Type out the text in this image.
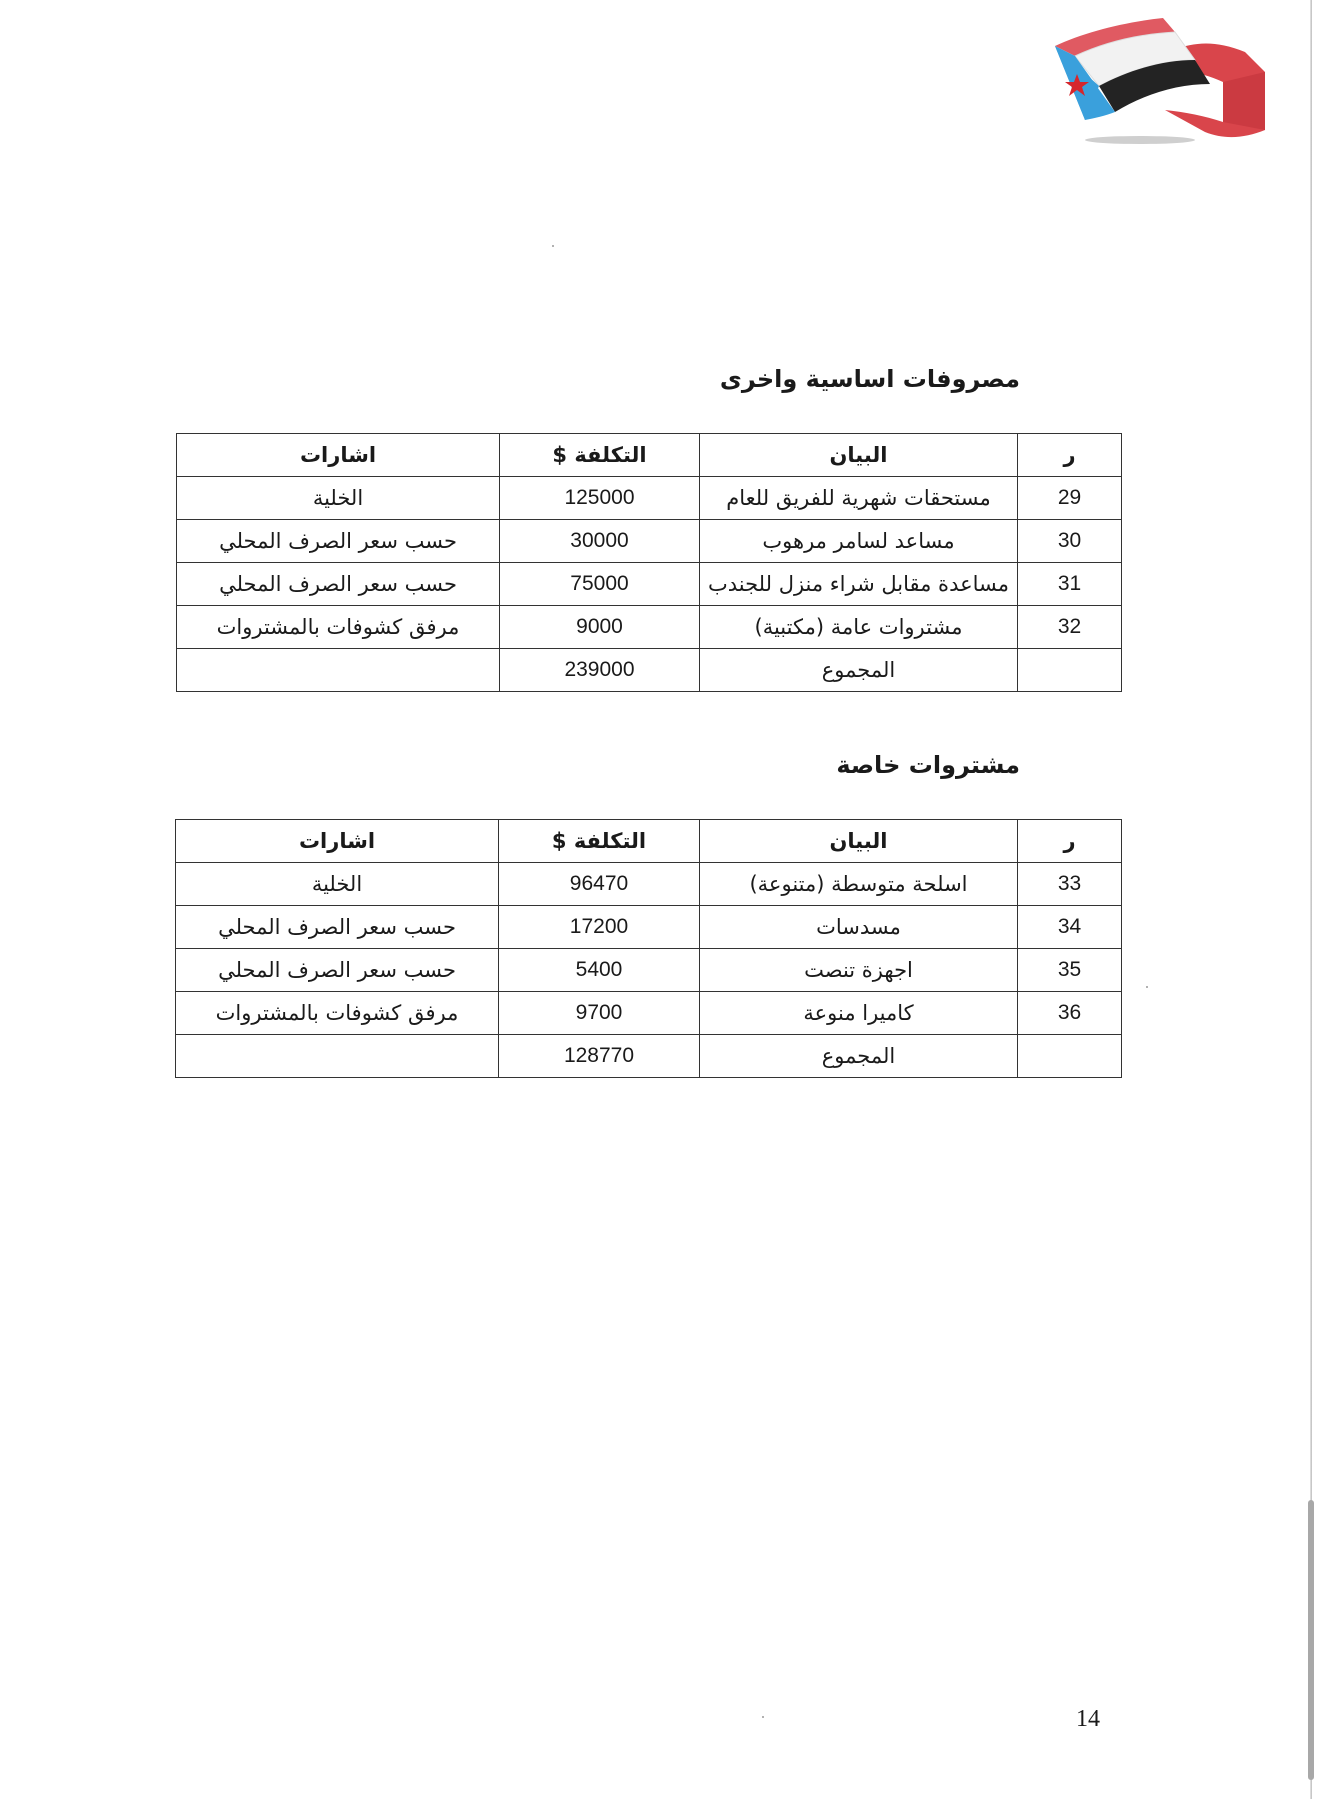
مصروفات اساسية واخرى
ر	البيان	التكلفة $	اشارات
29	مستحقات شهرية للفريق للعام	125000	الخلية
30	مساعد لسامر مرهوب	30000	حسب سعر الصرف المحلي
31	مساعدة مقابل شراء منزل للجندب	75000	حسب سعر الصرف المحلي
32	مشتروات عامة (مكتبية)	9000	مرفق كشوفات بالمشتروات
	المجموع	239000	
مشتروات خاصة
ر	البيان	التكلفة $	اشارات
33	اسلحة متوسطة (متنوعة)	96470	الخلية
34	مسدسات	17200	حسب سعر الصرف المحلي
35	اجهزة تنصت	5400	حسب سعر الصرف المحلي
36	كاميرا منوعة	9700	مرفق كشوفات بالمشتروات
	المجموع	128770	
14
